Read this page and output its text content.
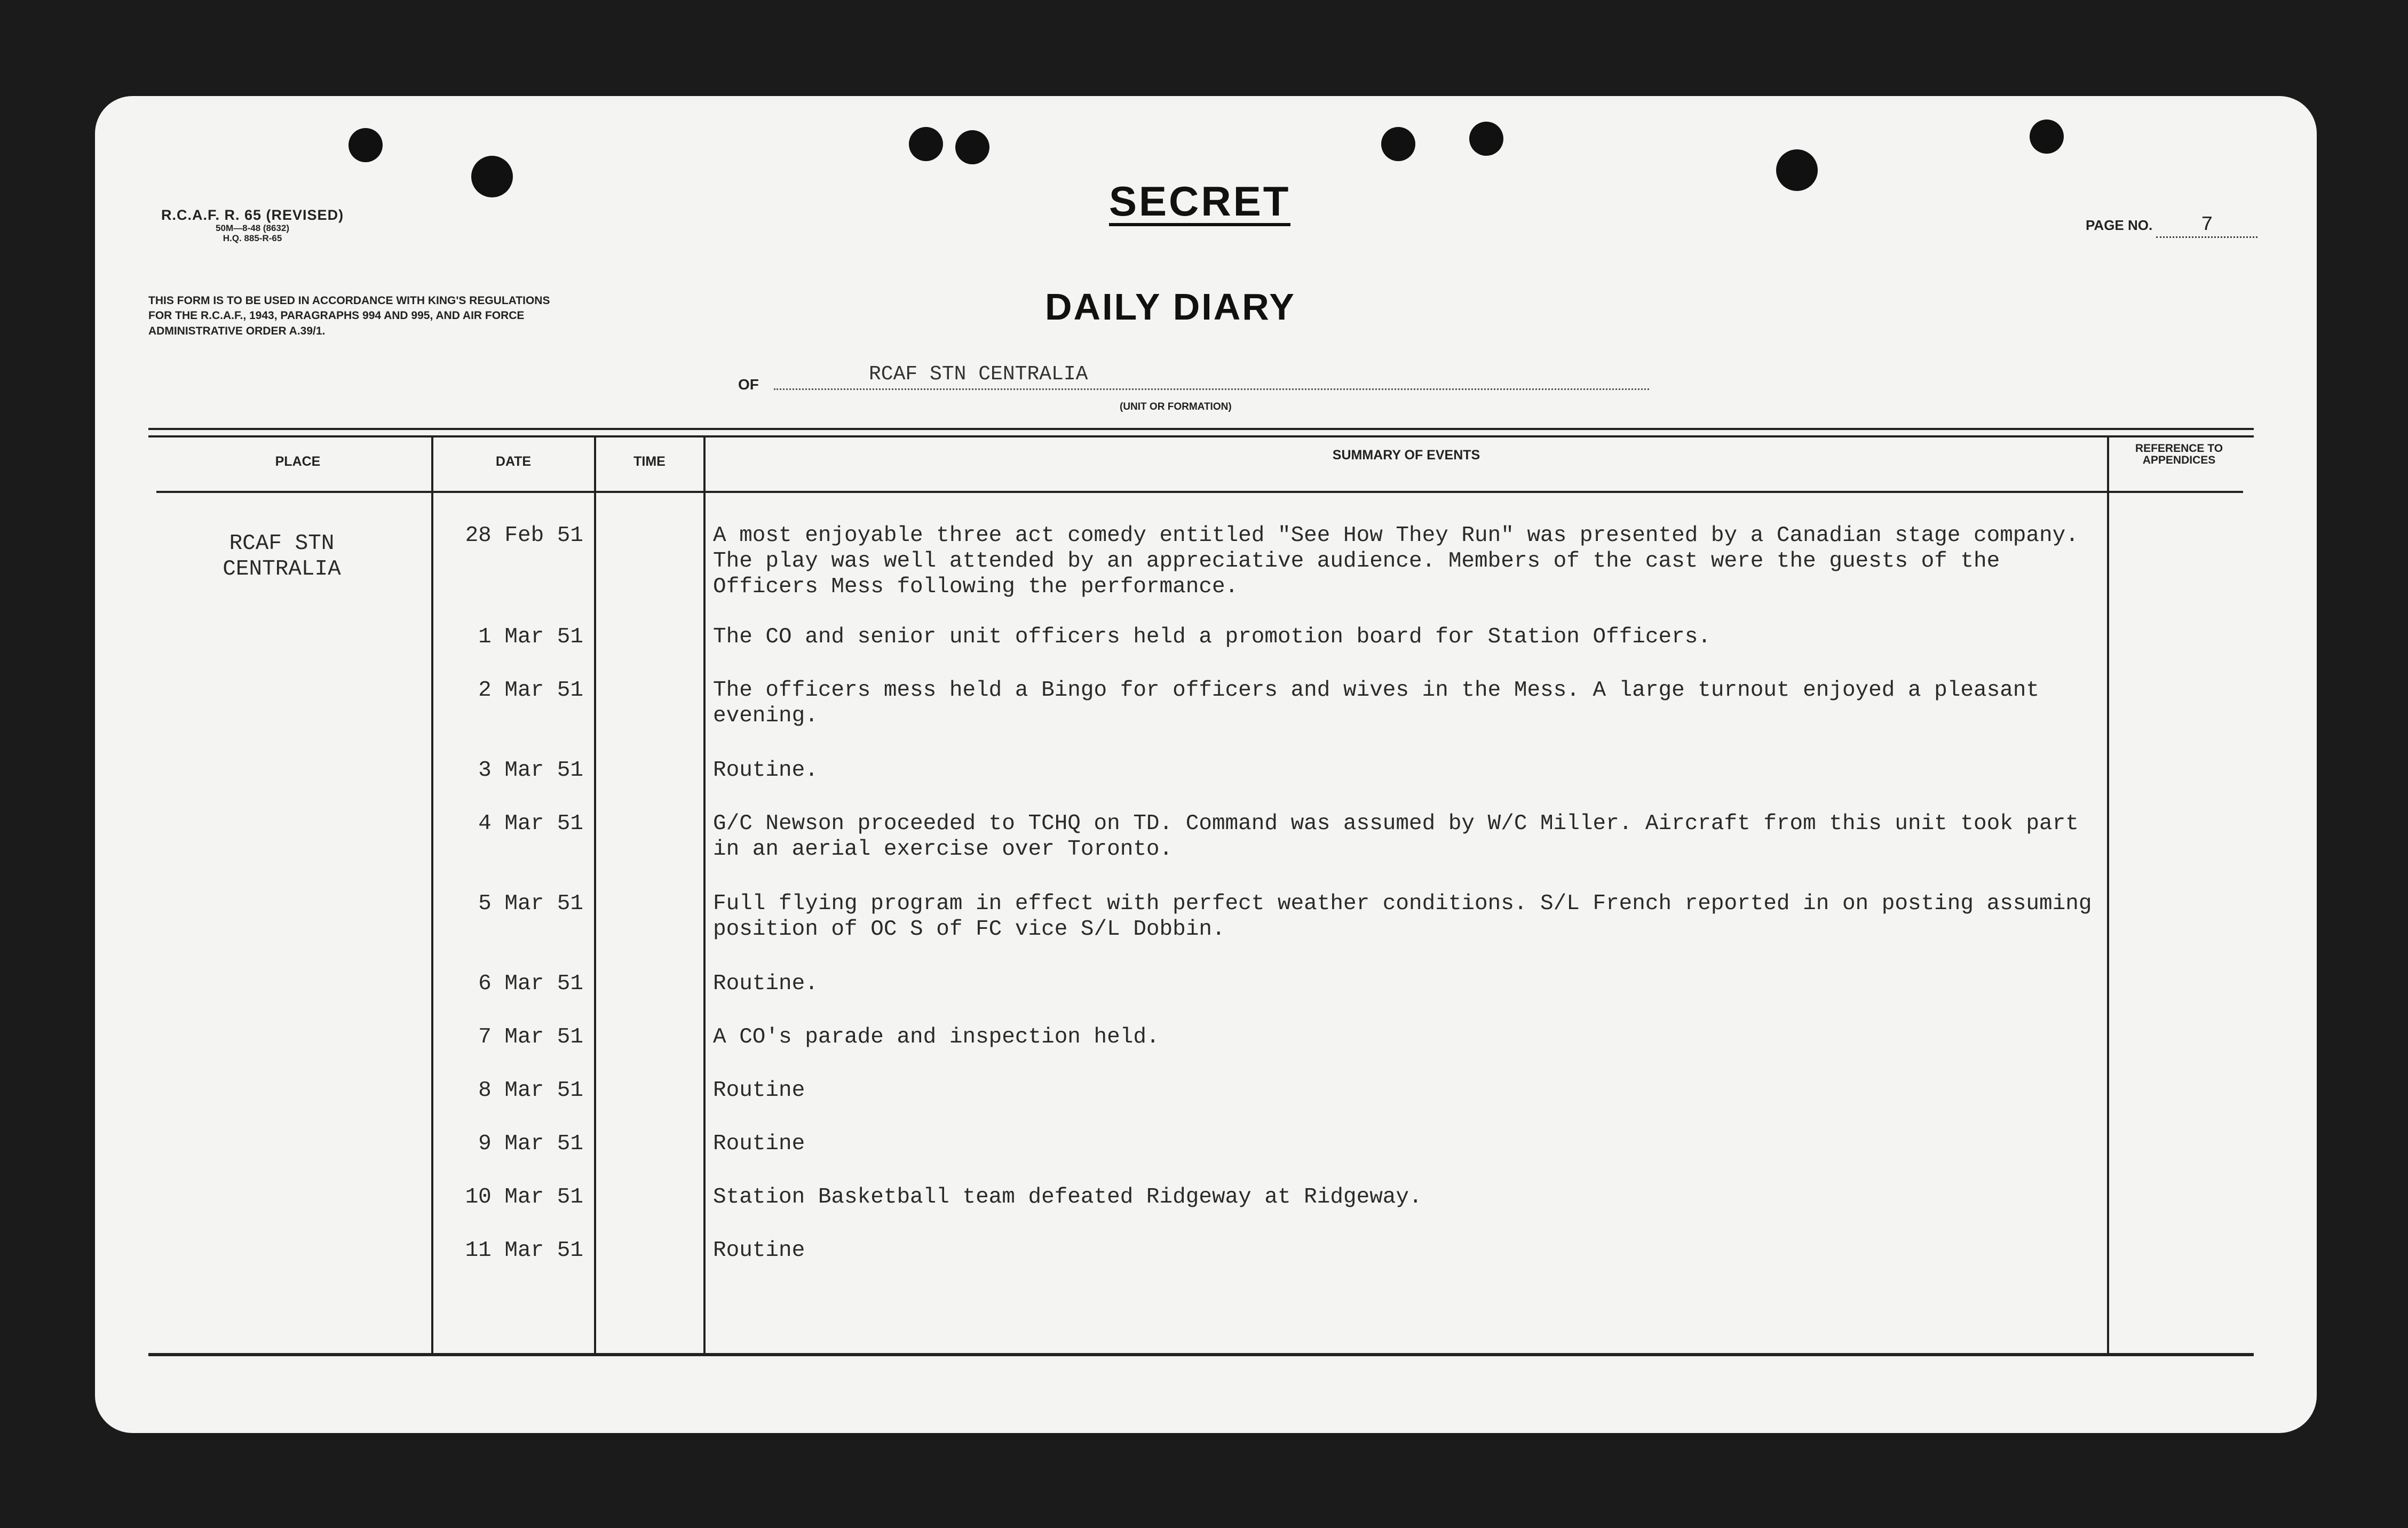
R.C.A.F. R. 65 (REVISED)
50M—8-48 (8632)
H.Q. 885-R-65
SECRET
PAGE NO. 7
THIS FORM IS TO BE USED IN ACCORDANCE WITH KING'S REGULATIONS FOR THE R.C.A.F., 1943, PARAGRAPHS 994 AND 995, AND AIR FORCE ADMINISTRATIVE ORDER A.39/1.
DAILY DIARY
OF	RCAF STN CENTRALIA
(UNIT OR FORMATION)
PLACE	DATE	TIME	SUMMARY OF EVENTS	REFERENCE TO APPENDICES
RCAF STN CENTRALIA
28 Feb 51	A most enjoyable three act comedy entitled "See How They Run" was presented by a Canadian stage company. The play was well attended by an appreciative audience. Members of the cast were the guests of the Officers Mess following the performance.
1 Mar 51	The CO and senior unit officers held a promotion board for Station Officers.
2 Mar 51	The officers mess held a Bingo for officers and wives in the Mess. A large turnout enjoyed a pleasant evening.
3 Mar 51	Routine.
4 Mar 51	G/C Newson proceeded to TCHQ on TD. Command was assumed by W/C Miller. Aircraft from this unit took part in an aerial exercise over Toronto.
5 Mar 51	Full flying program in effect with perfect weather conditions. S/L French reported in on posting assuming position of OC S of FC vice S/L Dobbin.
6 Mar 51	Routine.
7 Mar 51	A CO's parade and inspection held.
8 Mar 51	Routine
9 Mar 51	Routine
10 Mar 51	Station Basketball team defeated Ridgeway at Ridgeway.
11 Mar 51	Routine
